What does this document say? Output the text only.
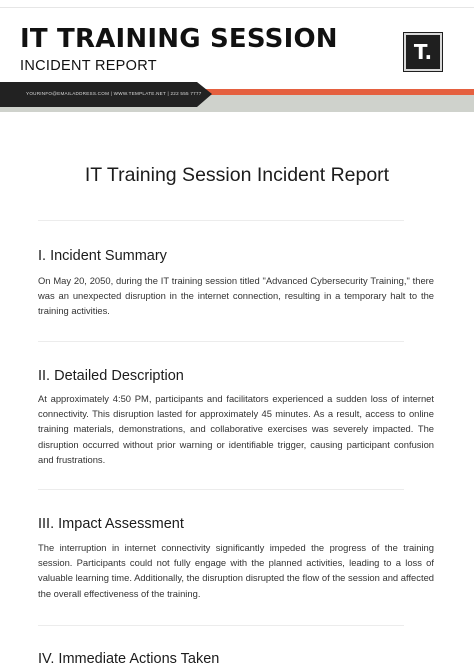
IT TRAINING SESSION
INCIDENT REPORT
T.
YOURINFO@EMAILADDRESS.COM | WWW.TEMPLATE.NET | 222 555 7777
IT Training Session Incident Report
I. Incident Summary

On May 20, 2050, during the IT training session titled "Advanced Cybersecurity Training," there was an unexpected disruption in the internet connection, resulting in a temporary halt to the training activities.

II. Detailed Description

At approximately 4:50 PM, participants and facilitators experienced a sudden loss of internet connectivity. This disruption lasted for approximately 45 minutes. As a result, access to online training materials, demonstrations, and collaborative exercises was severely impacted. The disruption occurred without prior warning or identifiable trigger, causing participant confusion and frustrations.

III. Impact Assessment

The interruption in internet connectivity significantly impeded the progress of the training session. Participants could not fully engage with the planned activities, leading to a loss of valuable learning time. Additionally, the disruption disrupted the flow of the session and affected the overall effectiveness of the training.

IV. Immediate Actions Taken
